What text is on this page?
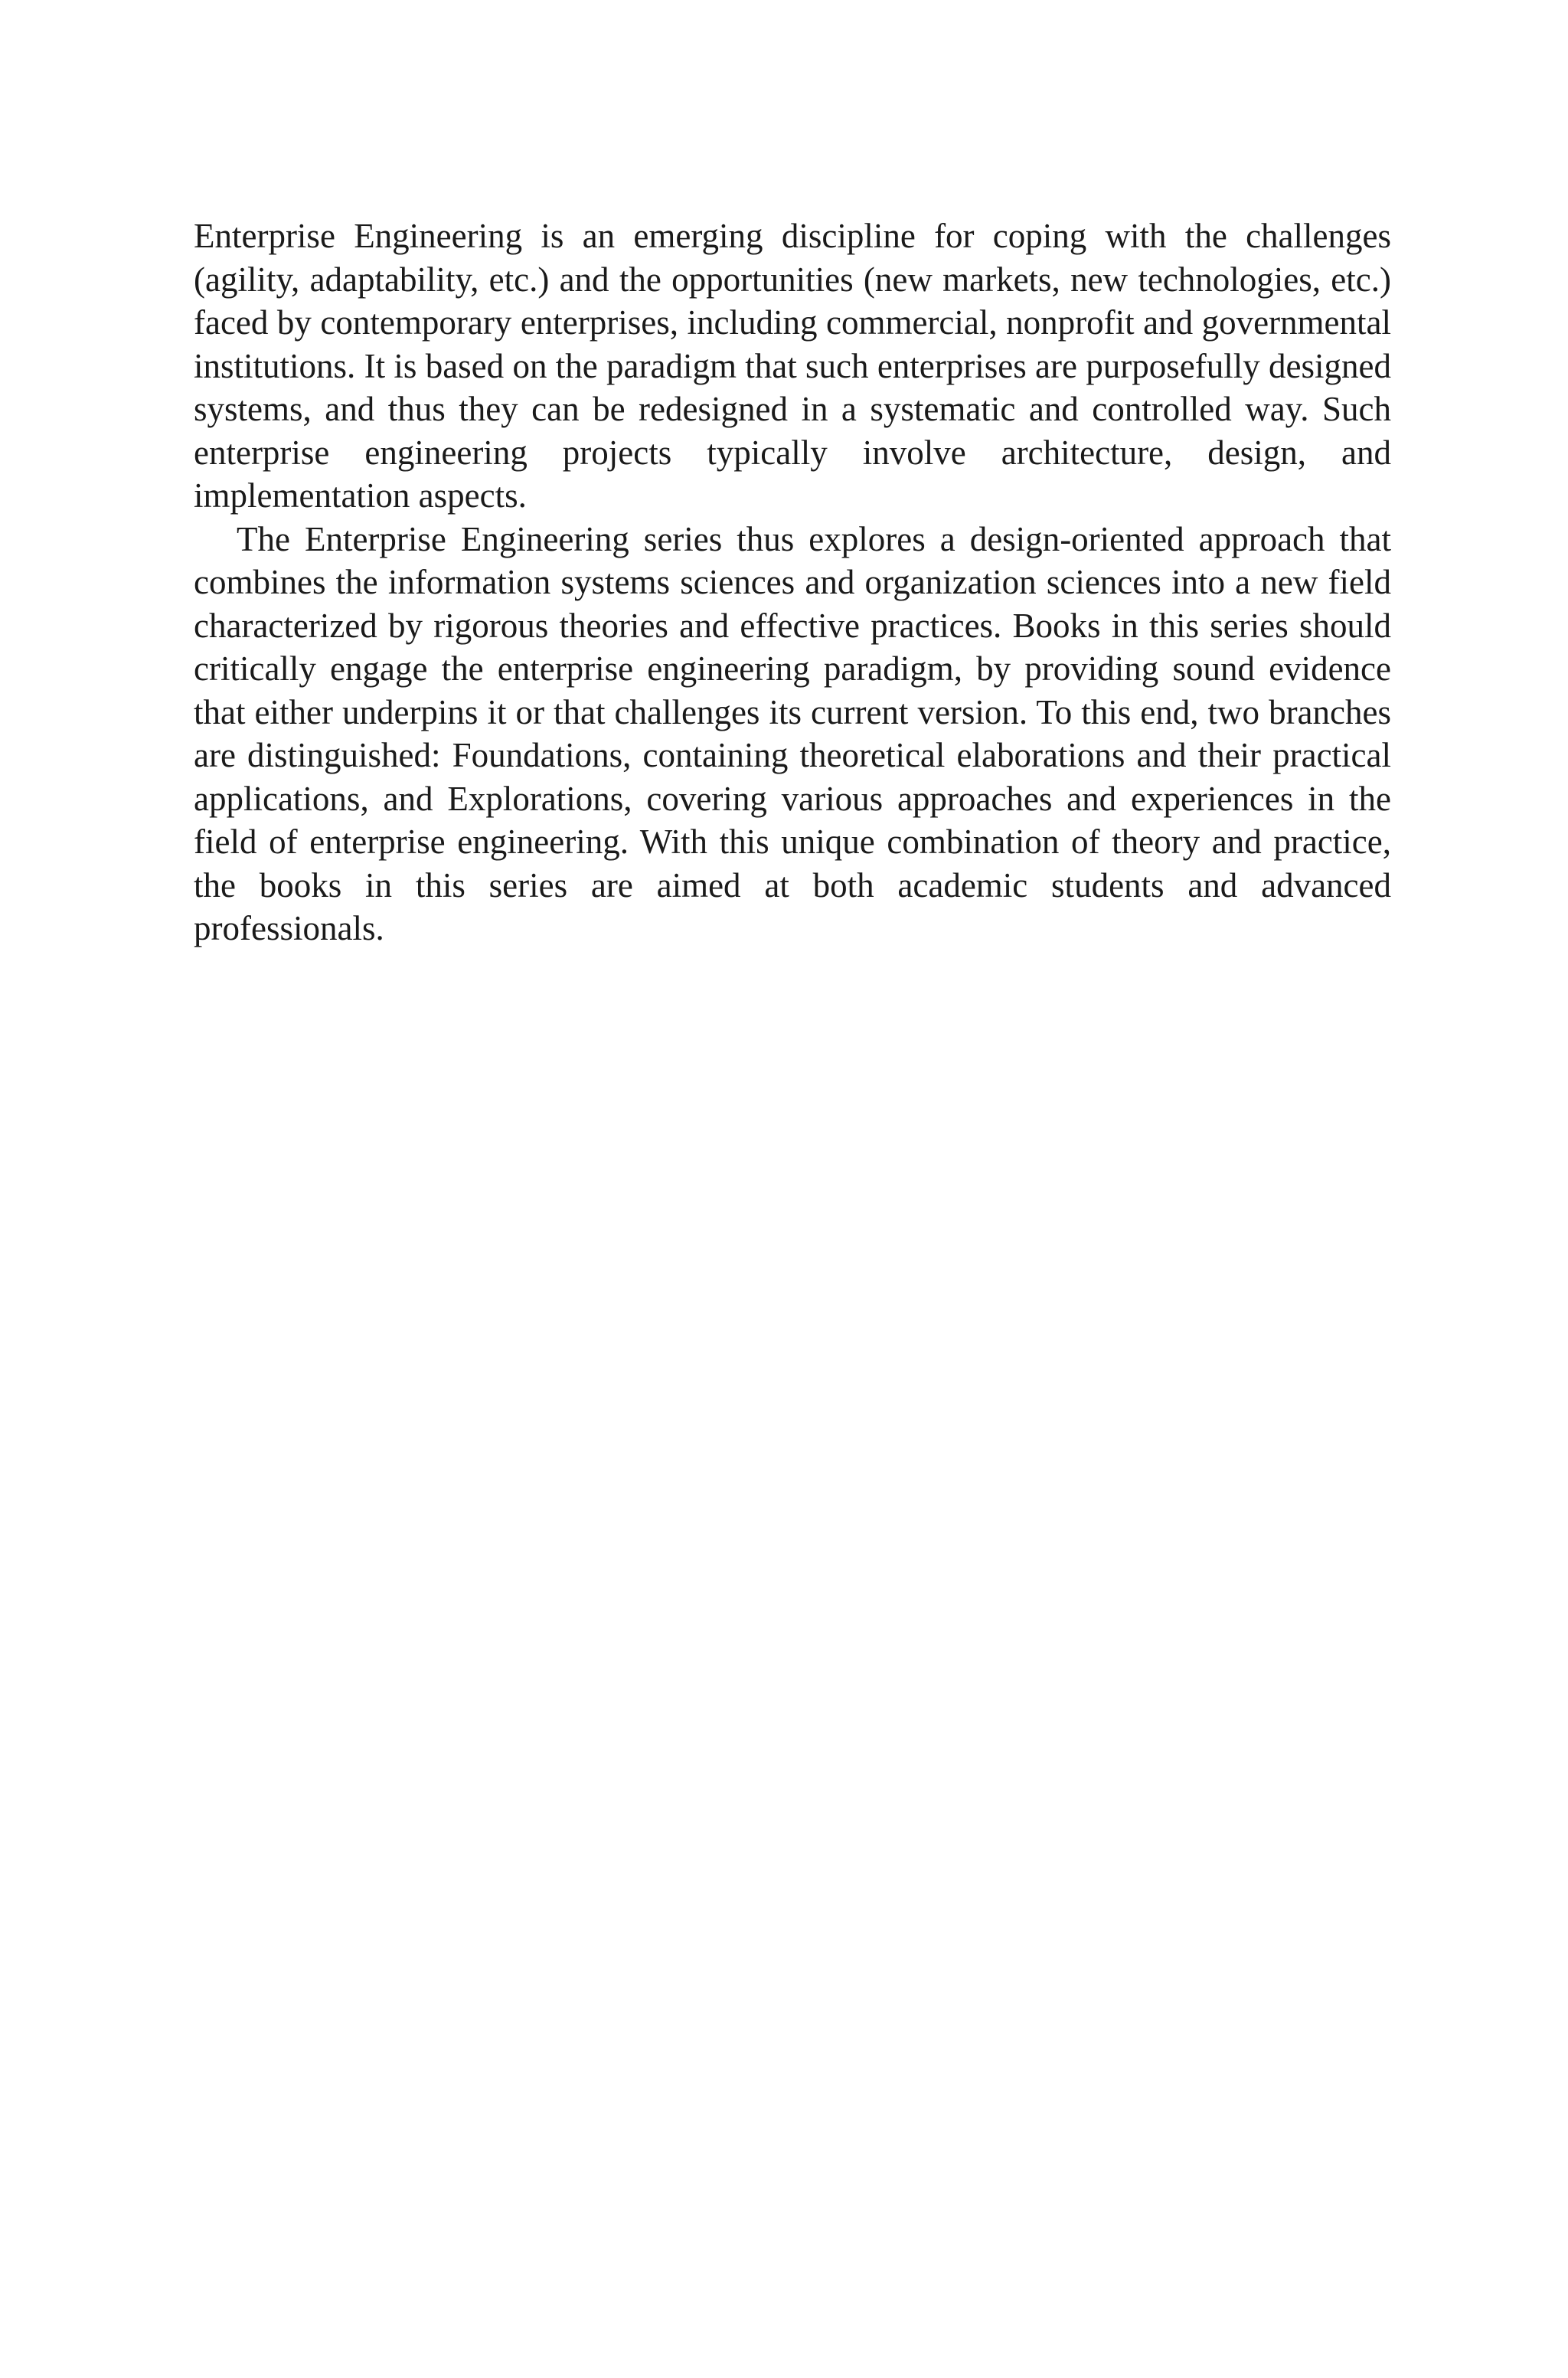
Enterprise Engineering is an emerging discipline for coping with the challenges (agility, adaptability, etc.) and the opportunities (new markets, new technologies, etc.) faced by contemporary enterprises, including commercial, nonprofit and governmental institutions. It is based on the paradigm that such enterprises are purposefully designed systems, and thus they can be redesigned in a systematic and controlled way. Such enterprise engineering projects typically involve architecture, design, and implementation aspects.

The Enterprise Engineering series thus explores a design-oriented approach that combines the information systems sciences and organization sciences into a new field characterized by rigorous theories and effective practices. Books in this series should critically engage the enterprise engineering paradigm, by providing sound evidence that either underpins it or that challenges its current version. To this end, two branches are distinguished: Foundations, containing theoretical elaborations and their practical applications, and Explorations, covering various approaches and experiences in the field of enterprise engineering. With this unique combination of theory and practice, the books in this series are aimed at both academic students and advanced professionals.
